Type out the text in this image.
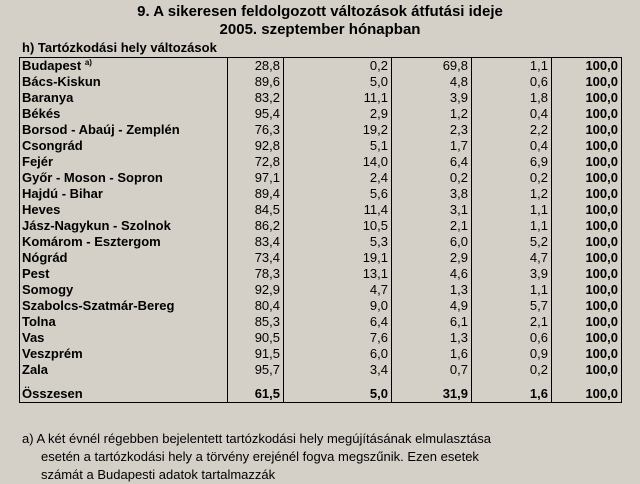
9. A sikeresen feldolgozott változások átfutási ideje
2005. szeptember hónapban
h) Tartózkodási hely változások
Budapest $^{a)}$	28,8	0,2	69,8	1,1	100,0
Bács-Kiskun	89,6	5,0	4,8	0,6	100,0
Baranya	83,2	11,1	3,9	1,8	100,0
Békés	95,4	2,9	1,2	0,4	100,0
Borsod - Abaúj - Zemplén	76,3	19,2	2,3	2,2	100,0
Csongrád	92,8	5,1	1,7	0,4	100,0
Fejér	72,8	14,0	6,4	6,9	100,0
Győr - Moson - Sopron	97,1	2,4	0,2	0,2	100,0
Hajdú - Bihar	89,4	5,6	3,8	1,2	100,0
Heves	84,5	11,4	3,1	1,1	100,0
Jász-Nagykun - Szolnok	86,2	10,5	2,1	1,1	100,0
Komárom - Esztergom	83,4	5,3	6,0	5,2	100,0
Nógrád	73,4	19,1	2,9	4,7	100,0
Pest	78,3	13,1	4,6	3,9	100,0
Somogy	92,9	4,7	1,3	1,1	100,0
Szabolcs-Szatmár-Bereg	80,4	9,0	4,9	5,7	100,0
Tolna	85,3	6,4	6,1	2,1	100,0
Vas	90,5	7,6	1,3	0,6	100,0
Veszprém	91,5	6,0	1,6	0,9	100,0
Zala	95,7	3,4	0,7	0,2	100,0

Összesen	61,5	5,0	31,9	1,6	100,0
a) A két évnél régebben bejelentett tartózkodási hely megújításának elmulasztása
esetén a tartózkodási hely a törvény erejénél fogva megszűnik. Ezen esetek
számát a Budapesti adatok tartalmazzák
